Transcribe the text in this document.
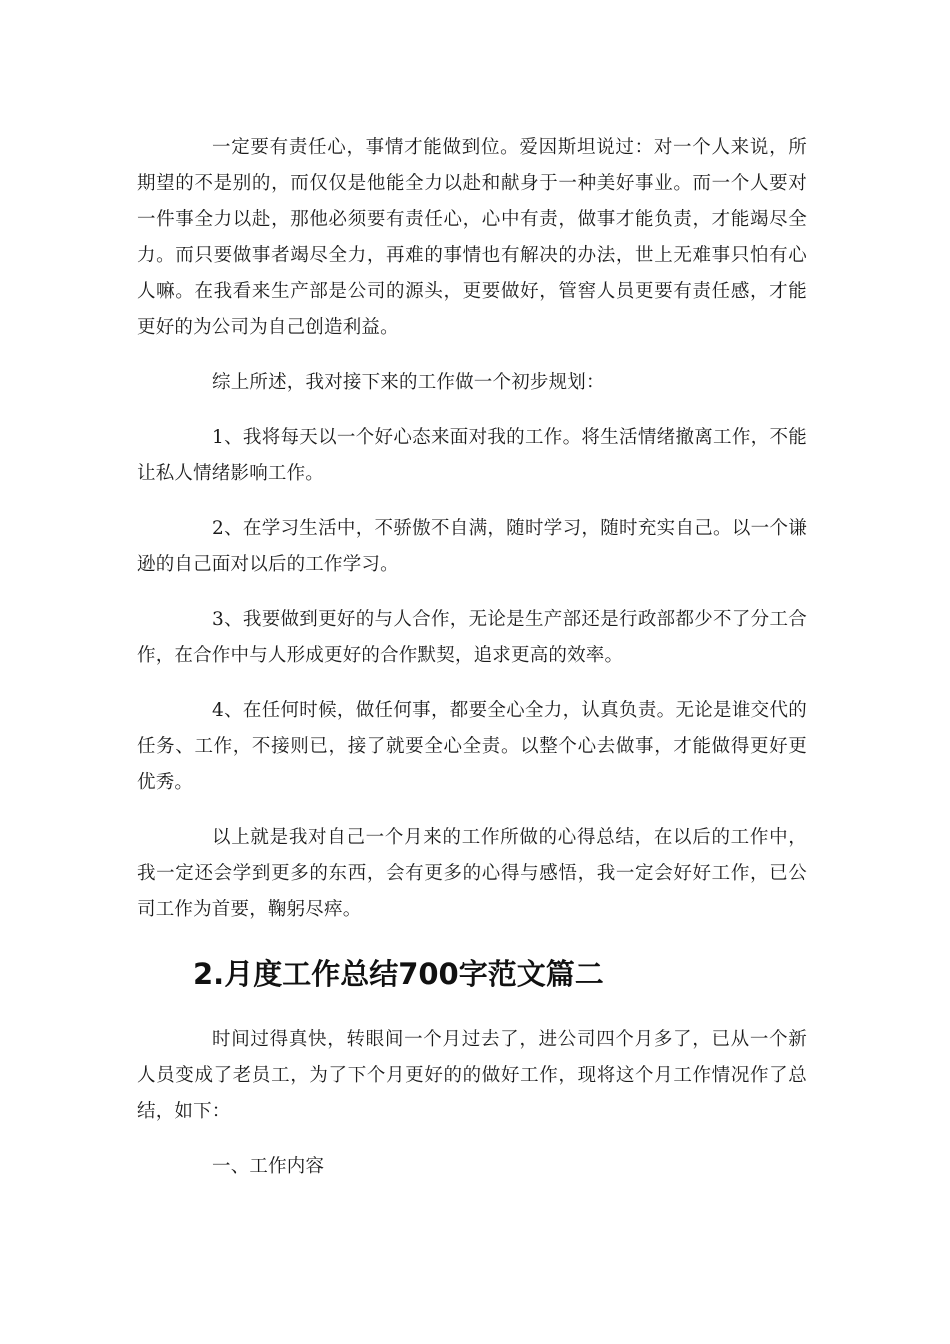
一定要有责任心，事情才能做到位。爱因斯坦说过：对一个人来说，所期望的不是别的，而仅仅是他能全力以赴和献身于一种美好事业。而一个人要对一件事全力以赴，那他必须要有责任心，心中有责，做事才能负责，才能竭尽全力。而只要做事者竭尽全力，再难的事情也有解决的办法，世上无难事只怕有心人嘛。在我看来生产部是公司的源头，更要做好，管窖人员更要有责任感，才能更好的为公司为自己创造利益。

综上所述，我对接下来的工作做一个初步规划：

1、我将每天以一个好心态来面对我的工作。将生活情绪撤离工作，不能让私人情绪影响工作。

2、在学习生活中，不骄傲不自满，随时学习，随时充实自己。以一个谦逊的自己面对以后的工作学习。

3、我要做到更好的与人合作，无论是生产部还是行政部都少不了分工合作，在合作中与人形成更好的合作默契，追求更高的效率。

4、在任何时候，做任何事，都要全心全力，认真负责。无论是谁交代的任务、工作，不接则已，接了就要全心全责。以整个心去做事，才能做得更好更优秀。

以上就是我对自己一个月来的工作所做的心得总结，在以后的工作中，我一定还会学到更多的东西，会有更多的心得与感悟，我一定会好好工作，已公司工作为首要，鞠躬尽瘁。

2.月度工作总结700字范文篇二

时间过得真快，转眼间一个月过去了，进公司四个月多了，已从一个新人员变成了老员工，为了下个月更好的的做好工作，现将这个月工作情况作了总结，如下：

一、工作内容
